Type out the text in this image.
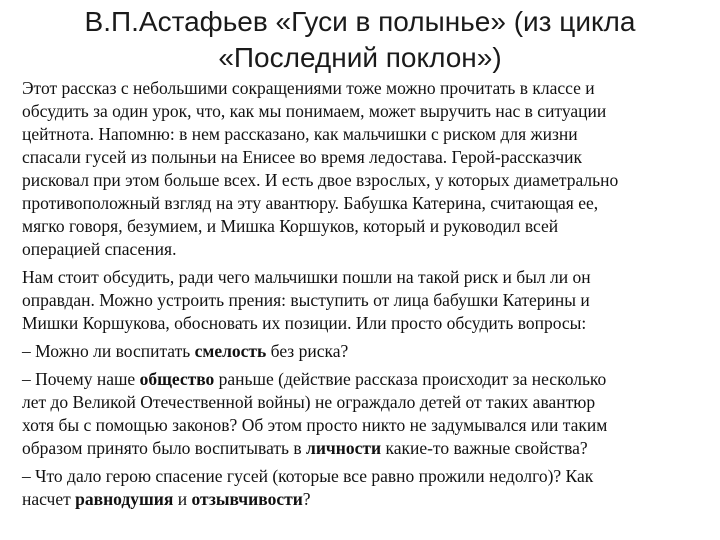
В.П.Астафьев «Гуси в полынье» (из цикла
«Последний поклон»)

Этот рассказ с небольшими сокращениями тоже можно прочитать в классе и
обсудить за один урок, что, как мы понимаем, может выручить нас в ситуации
цейтнота. Напомню: в нем рассказано, как мальчишки с риском для жизни
спасали гусей из полыньи на Енисее во время ледостава. Герой-рассказчик
рисковал при этом больше всех. И есть двое взрослых, у которых диаметрально
противоположный взгляд на эту авантюру. Бабушка Катерина, считающая ее,
мягко говоря, безумием, и Мишка Коршуков, который и руководил всей
операцией спасения.

Нам стоит обсудить, ради чего мальчишки пошли на такой риск и был ли он
оправдан. Можно устроить прения: выступить от лица бабушки Катерины и
Мишки Коршукова, обосновать их позиции. Или просто обсудить вопросы:

– Можно ли воспитать смелость без риска?

– Почему наше общество раньше (действие рассказа происходит за несколько
лет до Великой Отечественной войны) не ограждало детей от таких авантюр
хотя бы с помощью законов? Об этом просто никто не задумывался или таким
образом принято было воспитывать в личности какие-то важные свойства?

– Что дало герою спасение гусей (которые все равно прожили недолго)? Как
насчет равнодушия и отзывчивости?
